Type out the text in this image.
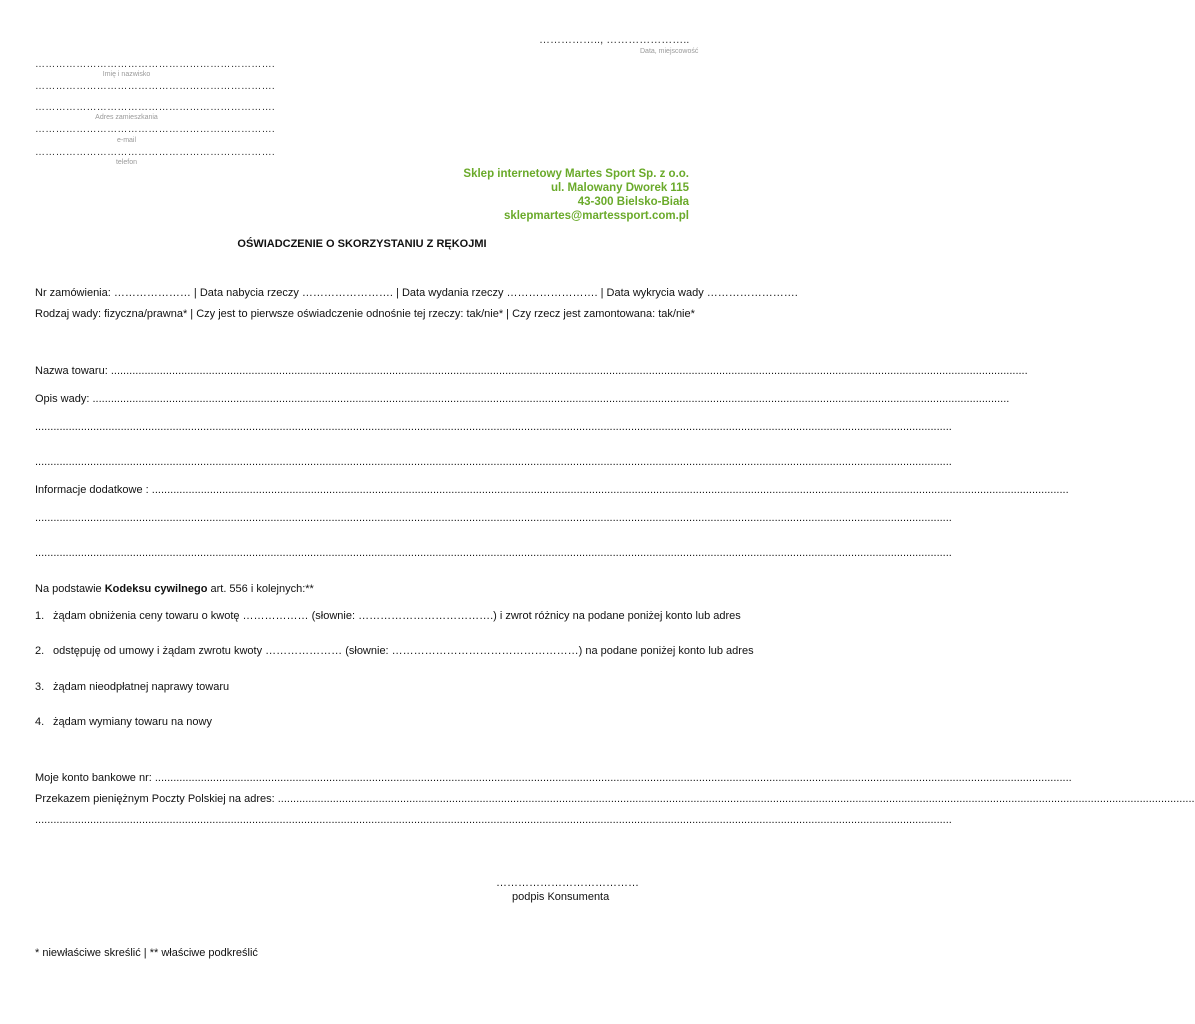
…………….., …………………..
Data, miejscowość
…………………………………………………………….
Imię i nazwisko
…………………………………………………………….
…………………………………………………………….
Adres zamieszkania
…………………………………………………………….
e-mail
…………………………………………………………….
telefon
Sklep internetowy Martes Sport Sp. z o.o.
ul. Malowany Dworek 115
43-300 Bielsko-Biała
sklepmartes@martessport.com.pl
OŚWIADCZENIE O SKORZYSTANIU Z RĘKOJMI
Nr zamówienia: ………………… | Data nabycia rzeczy ……………………. | Data wydania rzeczy ……………………. | Data wykrycia wady …………………….
Rodzaj wady: fizyczna/prawna* | Czy jest to pierwsze oświadczenie odnośnie tej rzeczy: tak/nie* | Czy rzecz jest zamontowana: tak/nie*
Nazwa towaru: ............................................................................................................................................................................................................................................................................................................
Opis wady: ............................................................................................................................................................................................................................................................................................................
............................................................................................................................................................................................................................................................................................................
............................................................................................................................................................................................................................................................................................................
Informacje dodatkowe : ............................................................................................................................................................................................................................................................................................................
............................................................................................................................................................................................................................................................................................................
............................................................................................................................................................................................................................................................................................................
Na podstawie Kodeksu cywilnego art. 556 i kolejnych:**
1. żądam obniżenia ceny towaru o kwotę ……………… (słownie: ……………………………….) i zwrot różnicy na podane poniżej konto lub adres
2. odstępuję od umowy i żądam zwrotu kwoty ………………… (słownie: ……………………………………………) na podane poniżej konto lub adres
3. żądam nieodpłatnej naprawy towaru
4. żądam wymiany towaru na nowy
Moje konto bankowe nr: ............................................................................................................................................................................................................................................................................................................
Przekazem pieniężnym Poczty Polskiej na adres: ............................................................................................................................................................................................................................................................................................................
............................................................................................................................................................................................................................................................................................................
…………………………………
podpis Konsumenta
* niewłaściwe skreślić | ** właściwe podkreślić
